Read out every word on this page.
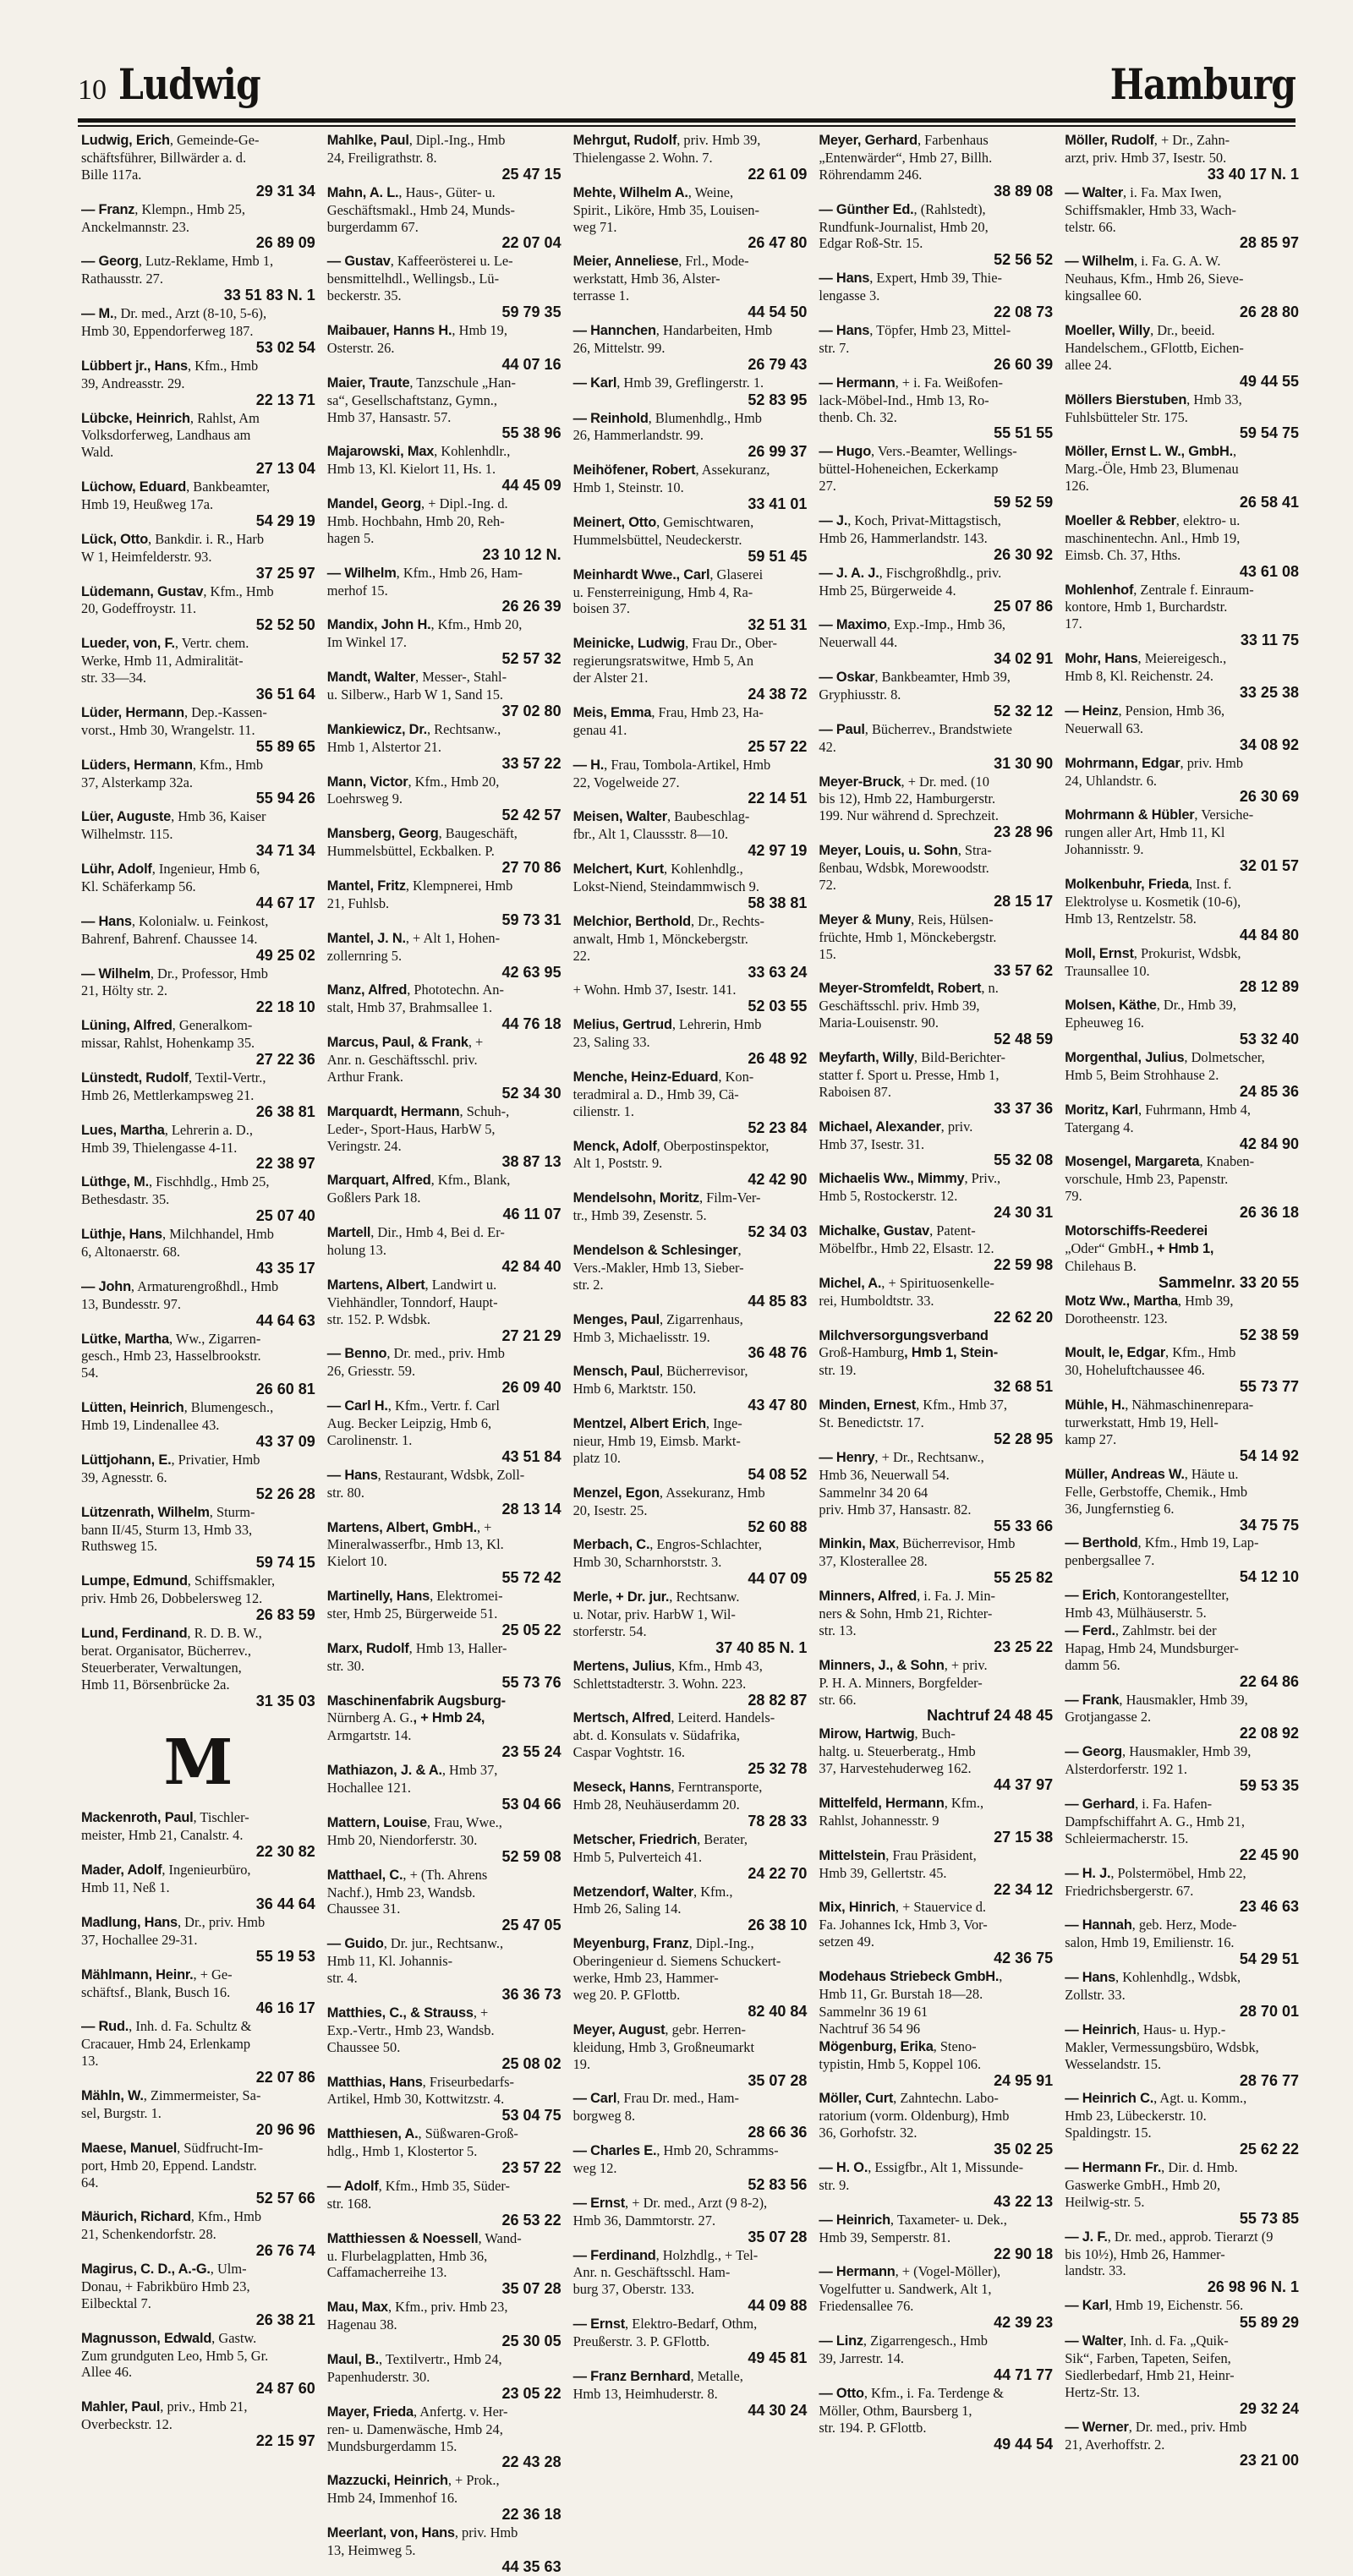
10 Ludwig	Hamburg
Ludwig, Erich, Gemeinde-Ge-
schäftsführer, Billwärder a. d.
Bille 117a.
29 31 34
— Franz, Klempn., Hmb 25,
Anckelmannstr. 23.
26 89 09
— Georg, Lutz-Reklame, Hmb 1,
Rathausstr. 27.
33 51 83 N. 1
— M., Dr. med., Arzt (8-10, 5-6),
Hmb 30, Eppendorferweg 187.
53 02 54
Lübbert jr., Hans, Kfm., Hmb
39, Andreasstr. 29.
22 13 71
Lübcke, Heinrich, Rahlst, Am
Volksdorferweg, Landhaus am
Wald.
27 13 04
Lüchow, Eduard, Bankbeamter,
Hmb 19, Heußweg 17a.
54 29 19
Lück, Otto, Bankdir. i. R., Harb
W 1, Heimfelderstr. 93.
37 25 97
Lüdemann, Gustav, Kfm., Hmb
20, Godeffroystr. 11.
52 52 50
Lueder, von, F., Vertr. chem.
Werke, Hmb 11, Admiralität-
str. 33—34.
36 51 64
Lüder, Hermann, Dep.-Kassen-
vorst., Hmb 30, Wrangelstr. 11.
55 89 65
Lüders, Hermann, Kfm., Hmb
37, Alsterkamp 32a.
55 94 26
Lüer, Auguste, Hmb 36, Kaiser
Wilhelmstr. 115.
34 71 34
Lühr, Adolf, Ingenieur, Hmb 6,
Kl. Schäferkamp 56.
44 67 17
— Hans, Kolonialw. u. Feinkost,
Bahrenf, Bahrenf. Chaussee 14.
49 25 02
— Wilhelm, Dr., Professor, Hmb
21, Hölty str. 2.
22 18 10
Lüning, Alfred, Generalkom-
missar, Rahlst, Hohenkamp 35.
27 22 36
Lünstedt, Rudolf, Textil-Vertr.,
Hmb 26, Mettlerkampsweg 21.
26 38 81
Lues, Martha, Lehrerin a. D.,
Hmb 39, Thielengasse 4-11.
22 38 97
Lüthge, M., Fischhdlg., Hmb 25,
Bethesdastr. 35.
25 07 40
Lüthje, Hans, Milchhandel, Hmb
6, Altonaerstr. 68.
43 35 17
— John, Armaturengroßhdl., Hmb
13, Bundesstr. 97.
44 64 63
Lütke, Martha, Ww., Zigarren-
gesch., Hmb 23, Hasselbrookstr.
54.
26 60 81
Lütten, Heinrich, Blumengesch.,
Hmb 19, Lindenallee 43.
43 37 09
Lüttjohann, E., Privatier, Hmb
39, Agnesstr. 6.
52 26 28
Lützenrath, Wilhelm, Sturm-
bann II/45, Sturm 13, Hmb 33,
Ruthsweg 15.
59 74 15
Lumpe, Edmund, Schiffsmakler,
priv. Hmb 26, Dobbelersweg 12.
26 83 59
Lund, Ferdinand, R. D. B. W.,
berat. Organisator, Bücherrev.,
Steuerberater, Verwaltungen,
Hmb 11, Börsenbrücke 2a.
31 35 03
M
Mackenroth, Paul, Tischler-
meister, Hmb 21, Canalstr. 4.
22 30 82
Mader, Adolf, Ingenieurbüro,
Hmb 11, Neß 1.
36 44 64
Madlung, Hans, Dr., priv. Hmb
37, Hochallee 29-31.
55 19 53
Mählmann, Heinr., + Ge-
schäftsf., Blank, Busch 16.
46 16 17
— Rud., Inh. d. Fa. Schultz &
Cracauer, Hmb 24, Erlenkamp
13.
22 07 86
Mähln, W., Zimmermeister, Sa-
sel, Burgstr. 1.
20 96 96
Maese, Manuel, Südfrucht-Im-
port, Hmb 20, Eppend. Landstr.
64.
52 57 66
Mäurich, Richard, Kfm., Hmb
21, Schenkendorfstr. 28.
26 76 74
Magirus, C. D., A.-G., Ulm-
Donau, + Fabrikbüro Hmb 23,
Eilbecktal 7.
26 38 21
Magnusson, Edwald, Gastw.
Zum grundguten Leo, Hmb 5, Gr.
Allee 46.
24 87 60
Mahler, Paul, priv., Hmb 21,
Overbeckstr. 12.
22 15 97
Mahlke, Paul, Dipl.-Ing., Hmb
24, Freiligrathstr. 8.
25 47 15
Mahn, A. L., Haus-, Güter- u.
Geschäftsmakl., Hmb 24, Munds-
burgerdamm 67.
22 07 04
— Gustav, Kaffeerösterei u. Le-
bensmittelhdl., Wellingsb., Lü-
beckerstr. 35.
59 79 35
Maibauer, Hanns H., Hmb 19,
Osterstr. 26.
44 07 16
Maier, Traute, Tanzschule „Han-
sa“, Gesellschaftstanz, Gymn.,
Hmb 37, Hansastr. 57.
55 38 96
Majarowski, Max, Kohlenhdlr.,
Hmb 13, Kl. Kielort 11, Hs. 1.
44 45 09
Mandel, Georg, + Dipl.-Ing. d.
Hmb. Hochbahn, Hmb 20, Reh-
hagen 5.
23 10 12 N.
— Wilhelm, Kfm., Hmb 26, Ham-
merhof 15.
26 26 39
Mandix, John H., Kfm., Hmb 20,
Im Winkel 17.
52 57 32
Mandt, Walter, Messer-, Stahl-
u. Silberw., Harb W 1, Sand 15.
37 02 80
Mankiewicz, Dr., Rechtsanw.,
Hmb 1, Alstertor 21.
33 57 22
Mann, Victor, Kfm., Hmb 20,
Loehrsweg 9.
52 42 57
Mansberg, Georg, Baugeschäft,
Hummelsbüttel, Eckbalken. P.
27 70 86
Mantel, Fritz, Klempnerei, Hmb
21, Fuhlsb.
59 73 31
Mantel, J. N., + Alt 1, Hohen-
zollernring 5.
42 63 95
Manz, Alfred, Phototechn. An-
stalt, Hmb 37, Brahmsallee 1.
44 76 18
Marcus, Paul, & Frank, +
Anr. n. Geschäftsschl. priv.
Arthur Frank.
52 34 30
Marquardt, Hermann, Schuh-,
Leder-, Sport-Haus, HarbW 5,
Veringstr. 24.
38 87 13
Marquart, Alfred, Kfm., Blank,
Goßlers Park 18.
46 11 07
Martell, Dir., Hmb 4, Bei d. Er-
holung 13.
42 84 40
Martens, Albert, Landwirt u.
Viehhändler, Tonndorf, Haupt-
str. 152. P. Wdsbk.
27 21 29
— Benno, Dr. med., priv. Hmb
26, Griesstr. 59.
26 09 40
— Carl H., Kfm., Vertr. f. Carl
Aug. Becker Leipzig, Hmb 6,
Carolinenstr. 1.
43 51 84
— Hans, Restaurant, Wdsbk, Zoll-
str. 80.
28 13 14
Martens, Albert, GmbH., +
Mineralwasserfbr., Hmb 13, Kl.
Kielort 10.
55 72 42
Martinelly, Hans, Elektromei-
ster, Hmb 25, Bürgerweide 51.
25 05 22
Marx, Rudolf, Hmb 13, Haller-
str. 30.
55 73 76
Maschinenfabrik Augsburg-
Nürnberg A. G., + Hmb 24,
Armgartstr. 14.
23 55 24
Mathiazon, J. & A., Hmb 37,
Hochallee 121.
53 04 66
Mattern, Louise, Frau, Wwe.,
Hmb 20, Niendorferstr. 30.
52 59 08
Matthael, C., + (Th. Ahrens
Nachf.), Hmb 23, Wandsb.
Chaussee 31.
25 47 05
— Guido, Dr. jur., Rechtsanw.,
Hmb 11, Kl. Johannis-
str. 4.
36 36 73
Matthies, C., & Strauss, +
Exp.-Vertr., Hmb 23, Wandsb.
Chaussee 50.
25 08 02
Matthias, Hans, Friseurbedarfs-
Artikel, Hmb 30, Kottwitzstr. 4.
53 04 75
Matthiesen, A., Süßwaren-Groß-
hdlg., Hmb 1, Klostertor 5.
23 57 22
— Adolf, Kfm., Hmb 35, Süder-
str. 168.
26 53 22
Matthiessen & Noessell, Wand-
u. Flurbelagplatten, Hmb 36,
Caffamacherreihe 13.
35 07 28
Mau, Max, Kfm., priv. Hmb 23,
Hagenau 38.
25 30 05
Maul, B., Textilvertr., Hmb 24,
Papenhuderstr. 30.
23 05 22
Mayer, Frieda, Anfertg. v. Her-
ren- u. Damenwäsche, Hmb 24,
Mundsburgerdamm 15.
22 43 28
Mazzucki, Heinrich, + Prok.,
Hmb 24, Immenhof 16.
22 36 18
Meerlant, von, Hans, priv. Hmb
13, Heimweg 5.
44 35 63
Mehrgut, Rudolf, priv. Hmb 39,
Thielengasse 2. Wohn. 7.
22 61 09
Mehte, Wilhelm A., Weine,
Spirit., Liköre, Hmb 35, Louisen-
weg 71.
26 47 80
Meier, Anneliese, Frl., Mode-
werkstatt, Hmb 36, Alster-
terrasse 1.
44 54 50
— Hannchen, Handarbeiten, Hmb
26, Mittelstr. 99.
26 79 43
— Karl, Hmb 39, Greflingerstr. 1.
52 83 95
— Reinhold, Blumenhdlg., Hmb
26, Hammerlandstr. 99.
26 99 37
Meihöfener, Robert, Assekuranz,
Hmb 1, Steinstr. 10.
33 41 01
Meinert, Otto, Gemischtwaren,
Hummelsbüttel, Neudeckerstr.
59 51 45
Meinhardt Wwe., Carl, Glaserei
u. Fensterreinigung, Hmb 4, Ra-
boisen 37.
32 51 31
Meinicke, Ludwig, Frau Dr., Ober-
regierungsratswitwe, Hmb 5, An
der Alster 21.
24 38 72
Meis, Emma, Frau, Hmb 23, Ha-
genau 41.
25 57 22
— H., Frau, Tombola-Artikel, Hmb
22, Vogelweide 27.
22 14 51
Meisen, Walter, Baubeschlag-
fbr., Alt 1, Claussstr. 8—10.
42 97 19
Melchert, Kurt, Kohlenhdlg.,
Lokst-Niend, Steindammwisch 9.
58 38 81
Melchior, Berthold, Dr., Rechts-
anwalt, Hmb 1, Mönckebergstr.
22.
33 63 24
+ Wohn. Hmb 37, Isestr. 141.
52 03 55
Melius, Gertrud, Lehrerin, Hmb
23, Saling 33.
26 48 92
Menche, Heinz-Eduard, Kon-
teradmiral a. D., Hmb 39, Cä-
cilienstr. 1.
52 23 84
Menck, Adolf, Oberpostinspektor,
Alt 1, Poststr. 9.
42 42 90
Mendelsohn, Moritz, Film-Ver-
tr., Hmb 39, Zesenstr. 5.
52 34 03
Mendelson & Schlesinger,
Vers.-Makler, Hmb 13, Sieber-
str. 2.
44 85 83
Menges, Paul, Zigarrenhaus,
Hmb 3, Michaelisstr. 19.
36 48 76
Mensch, Paul, Bücherrevisor,
Hmb 6, Marktstr. 150.
43 47 80
Mentzel, Albert Erich, Inge-
nieur, Hmb 19, Eimsb. Markt-
platz 10.
54 08 52
Menzel, Egon, Assekuranz, Hmb
20, Isestr. 25.
52 60 88
Merbach, C., Engros-Schlachter,
Hmb 30, Scharnhorststr. 3.
44 07 09
Merle, + Dr. jur., Rechtsanw.
u. Notar, priv. HarbW 1, Wil-
storferstr. 54.
37 40 85 N. 1
Mertens, Julius, Kfm., Hmb 43,
Schlettstadterstr. 3. Wohn. 223.
28 82 87
Mertsch, Alfred, Leiterd. Handels-
abt. d. Konsulats v. Südafrika,
Caspar Voghtstr. 16.
25 32 78
Meseck, Hanns, Ferntransporte,
Hmb 28, Neuhäuserdamm 20.
78 28 33
Metscher, Friedrich, Berater,
Hmb 5, Pulverteich 41.
24 22 70
Metzendorf, Walter, Kfm.,
Hmb 26, Saling 14.
26 38 10
Meyenburg, Franz, Dipl.-Ing.,
Oberingenieur d. Siemens Schuckert-
werke, Hmb 23, Hammer-
weg 20. P. GFlottb.
82 40 84
Meyer, August, gebr. Herren-
kleidung, Hmb 3, Großneumarkt
19.
35 07 28
— Carl, Frau Dr. med., Ham-
borgweg 8.
28 66 36
— Charles E., Hmb 20, Schramms-
weg 12.
52 83 56
— Ernst, + Dr. med., Arzt (9 8-2),
Hmb 36, Dammtorstr. 27.
35 07 28
— Ferdinand, Holzhdlg., + Tel-
Anr. n. Geschäftsschl. Ham-
burg 37, Oberstr. 133.
44 09 88
— Ernst, Elektro-Bedarf, Othm,
Preußerstr. 3. P. GFlottb.
49 45 81
— Franz Bernhard, Metalle,
Hmb 13, Heimhuderstr. 8.
44 30 24
Meyer, Gerhard, Farbenhaus
„Entenwärder“, Hmb 27, Billh.
Röhrendamm 246.
38 89 08
— Günther Ed., (Rahlstedt),
Rundfunk-Journalist, Hmb 20,
Edgar Roß-Str. 15.
52 56 52
— Hans, Expert, Hmb 39, Thie-
lengasse 3.
22 08 73
— Hans, Töpfer, Hmb 23, Mittel-
str. 7.
26 60 39
— Hermann, + i. Fa. Weißofen-
lack-Möbel-Ind., Hmb 13, Ro-
thenb. Ch. 32.
55 51 55
— Hugo, Vers.-Beamter, Wellings-
büttel-Hoheneichen, Eckerkamp
27.
59 52 59
— J., Koch, Privat-Mittagstisch,
Hmb 26, Hammerlandstr. 143.
26 30 92
— J. A. J., Fischgroßhdlg., priv.
Hmb 25, Bürgerweide 4.
25 07 86
— Maximo, Exp.-Imp., Hmb 36,
Neuerwall 44.
34 02 91
— Oskar, Bankbeamter, Hmb 39,
Gryphiusstr. 8.
52 32 12
— Paul, Bücherrev., Brandstwiete
42.
31 30 90
Meyer-Bruck, + Dr. med. (10
bis 12), Hmb 22, Hamburgerstr.
199. Nur während d. Sprechzeit.
23 28 96
Meyer, Louis, u. Sohn, Stra-
ßenbau, Wdsbk, Morewoodstr.
72.
28 15 17
Meyer & Muny, Reis, Hülsen-
früchte, Hmb 1, Mönckebergstr.
15.
33 57 62
Meyer-Stromfeldt, Robert, n.
Geschäftsschl. priv. Hmb 39,
Maria-Louisenstr. 90.
52 48 59
Meyfarth, Willy, Bild-Berichter-
statter f. Sport u. Presse, Hmb 1,
Raboisen 87.
33 37 36
Michael, Alexander, priv.
Hmb 37, Isestr. 31.
55 32 08
Michaelis Ww., Mimmy, Priv.,
Hmb 5, Rostockerstr. 12.
24 30 31
Michalke, Gustav, Patent-
Möbelfbr., Hmb 22, Elsastr. 12.
22 59 98
Michel, A., + Spirituosenkelle-
rei, Humboldtstr. 33.
22 62 20
Milchversorgungsverband
Groß-Hamburg, Hmb 1, Stein-
str. 19.
32 68 51
Minden, Ernest, Kfm., Hmb 37,
St. Benedictstr. 17.
52 28 95
— Henry, + Dr., Rechtsanw.,
Hmb 36, Neuerwall 54.
Sammelnr 34 20 64
priv. Hmb 37, Hansastr. 82.
55 33 66
Minkin, Max, Bücherrevisor, Hmb
37, Klosterallee 28.
55 25 82
Minners, Alfred, i. Fa. J. Min-
ners & Sohn, Hmb 21, Richter-
str. 13.
23 25 22
Minners, J., & Sohn, + priv.
P. H. A. Minners, Borgfelder-
str. 66.
Nachtruf 24 48 45
Mirow, Hartwig, Buch-
haltg. u. Steuerberatg., Hmb
37, Harvestehuderweg 162.
44 37 97
Mittelfeld, Hermann, Kfm.,
Rahlst, Johannesstr. 9
27 15 38
Mittelstein, Frau Präsident,
Hmb 39, Gellertstr. 45.
22 34 12
Mix, Hinrich, + Stauervice d.
Fa. Johannes Ick, Hmb 3, Vor-
setzen 49.
42 36 75
Modehaus Striebeck GmbH.,
Hmb 11, Gr. Burstah 18—28.
Sammelnr 36 19 61
Nachtruf 36 54 96
Mögenburg, Erika, Steno-
typistin, Hmb 5, Koppel 106.
24 95 91
Möller, Curt, Zahntechn. Labo-
ratorium (vorm. Oldenburg), Hmb
36, Gorhofstr. 32.
35 02 25
— H. O., Essigfbr., Alt 1, Missunde-
str. 9.
43 22 13
— Heinrich, Taxameter- u. Dek.,
Hmb 39, Semperstr. 81.
22 90 18
— Hermann, + (Vogel-Möller),
Vogelfutter u. Sandwerk, Alt 1,
Friedensallee 76.
42 39 23
— Linz, Zigarrengesch., Hmb
39, Jarrestr. 14.
44 71 77
— Otto, Kfm., i. Fa. Terdenge &
Möller, Othm, Baursberg 1,
str. 194. P. GFlottb.
49 44 54
Möller, Rudolf, + Dr., Zahn-
arzt, priv. Hmb 37, Isestr. 50.
33 40 17 N. 1
— Walter, i. Fa. Max Iwen,
Schiffsmakler, Hmb 33, Wach-
telstr. 66.
28 85 97
— Wilhelm, i. Fa. G. A. W.
Neuhaus, Kfm., Hmb 26, Sieve-
kingsallee 60.
26 28 80
Moeller, Willy, Dr., beeid.
Handelschem., GFlottb, Eichen-
allee 24.
49 44 55
Möllers Bierstuben, Hmb 33,
Fuhlsbütteler Str. 175.
59 54 75
Möller, Ernst L. W., GmbH.,
Marg.-Öle, Hmb 23, Blumenau
126.
26 58 41
Moeller & Rebber, elektro- u.
maschinentechn. Anl., Hmb 19,
Eimsb. Ch. 37, Hths.
43 61 08
Mohlenhof, Zentrale f. Einraum-
kontore, Hmb 1, Burchardstr.
17.
33 11 75
Mohr, Hans, Meiereigesch.,
Hmb 8, Kl. Reichenstr. 24.
33 25 38
— Heinz, Pension, Hmb 36,
Neuerwall 63.
34 08 92
Mohrmann, Edgar, priv. Hmb
24, Uhlandstr. 6.
26 30 69
Mohrmann & Hübler, Versiche-
rungen aller Art, Hmb 11, Kl
Johannisstr. 9.
32 01 57
Molkenbuhr, Frieda, Inst. f.
Elektrolyse u. Kosmetik (10-6),
Hmb 13, Rentzelstr. 58.
44 84 80
Moll, Ernst, Prokurist, Wdsbk,
Traunsallee 10.
28 12 89
Molsen, Käthe, Dr., Hmb 39,
Epheuweg 16.
53 32 40
Morgenthal, Julius, Dolmetscher,
Hmb 5, Beim Strohhause 2.
24 85 36
Moritz, Karl, Fuhrmann, Hmb 4,
Tatergang 4.
42 84 90
Mosengel, Margareta, Knaben-
vorschule, Hmb 23, Papenstr.
79.
26 36 18
Motorschiffs-Reederei
„Oder“ GmbH., + Hmb 1,
Chilehaus B.
Sammelnr. 33 20 55
Motz Ww., Martha, Hmb 39,
Dorotheenstr. 123.
52 38 59
Moult, le, Edgar, Kfm., Hmb
30, Hoheluftchaussee 46.
55 73 77
Mühle, H., Nähmaschinenrepara-
turwerkstatt, Hmb 19, Hell-
kamp 27.
54 14 92
Müller, Andreas W., Häute u.
Felle, Gerbstoffe, Chemik., Hmb
36, Jungfernstieg 6.
34 75 75
— Berthold, Kfm., Hmb 19, Lap-
penbergsallee 7.
54 12 10
— Erich, Kontorangestellter,
Hmb 43, Mülhäuserstr. 5.
— Ferd., Zahlmstr. bei der
Hapag, Hmb 24, Mundsburger-
damm 56.
22 64 86
— Frank, Hausmakler, Hmb 39,
Grotjangasse 2.
22 08 92
— Georg, Hausmakler, Hmb 39,
Alsterdorferstr. 192 1.
59 53 35
— Gerhard, i. Fa. Hafen-
Dampfschiffahrt A. G., Hmb 21,
Schleiermacherstr. 15.
22 45 90
— H. J., Polstermöbel, Hmb 22,
Friedrichsbergerstr. 67.
23 46 63
— Hannah, geb. Herz, Mode-
salon, Hmb 19, Emilienstr. 16.
54 29 51
— Hans, Kohlenhdlg., Wdsbk,
Zollstr. 33.
28 70 01
— Heinrich, Haus- u. Hyp.-
Makler, Vermessungsbüro, Wdsbk,
Wesselandstr. 15.
28 76 77
— Heinrich C., Agt. u. Komm.,
Hmb 23, Lübeckerstr. 10.
Spaldingstr. 15.
25 62 22
— Hermann Fr., Dir. d. Hmb.
Gaswerke GmbH., Hmb 20,
Heilwig-str. 5.
55 73 85
— J. F., Dr. med., approb. Tierarzt (9
bis 10½), Hmb 26, Hammer-
landstr. 33.
26 98 96 N. 1
— Karl, Hmb 19, Eichenstr. 56.
55 89 29
— Walter, Inh. d. Fa. „Quik-
Sik“, Farben, Tapeten, Seifen,
Siedlerbedarf, Hmb 21, Heinr-
Hertz-Str. 13.
29 32 24
— Werner, Dr. med., priv. Hmb
21, Averhoffstr. 2.
23 21 00
